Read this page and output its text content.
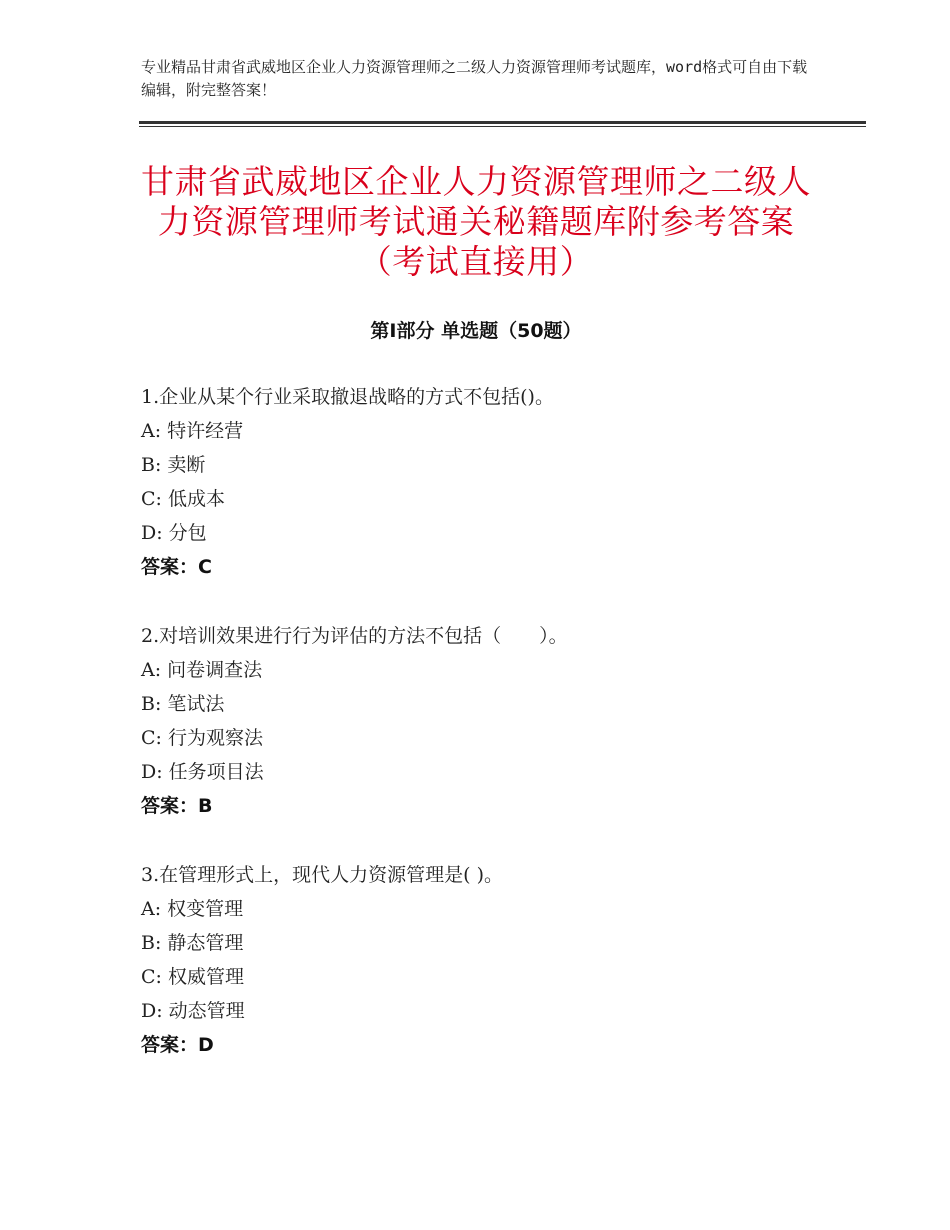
专业精品甘肃省武威地区企业人力资源管理师之二级人力资源管理师考试题库，word格式可自由下载编辑，附完整答案！
甘肃省武威地区企业人力资源管理师之二级人力资源管理师考试通关秘籍题库附参考答案（考试直接用）
第Ⅰ部分 单选题（50题）
1.企业从某个行业采取撤退战略的方式不包括()。
A: 特许经营
B: 卖断
C: 低成本
D: 分包
答案：C
2.对培训效果进行行为评估的方法不包括（　　）。
A: 问卷调查法
B: 笔试法
C: 行为观察法
D: 任务项目法
答案：B
3.在管理形式上，现代人力资源管理是( )。
A: 权变管理
B: 静态管理
C: 权威管理
D: 动态管理
答案：D
